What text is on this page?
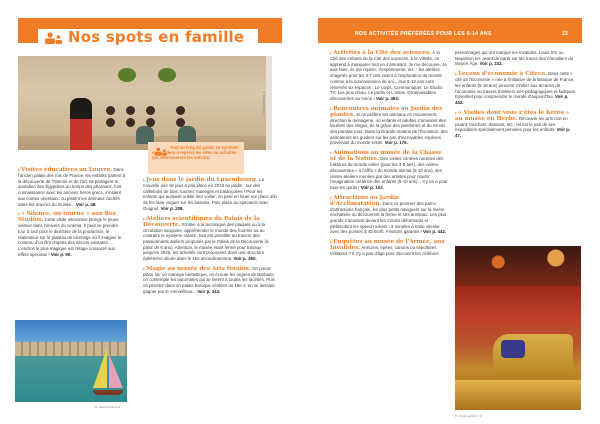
Nos spots en famille
J. Benoit/Paris P.
Tout au long du guide, ce symbole vous aidera à repérer les sites ou activités qui intéresseront les enfants.
▸ Visites éducatives au Louvre. Dans l'ancien palais des rois de France, les enfants partent à la découverte de l'histoire et de l'art. Ils partagent le quotidien des Égyptiens au temps des pharaons, font connaissance avec les anciens héros grecs, s'initient aux contes orientaux, ou pistent les animaux cachés dans les œuvres du musée... Voir p. 48.
▸ « Silence, on tourne » aux Rex Studios. Cette visite interactive plonge le jeune visiteur dans l'univers du cinéma. Il peut se prendre tour à tour pour le directeur de la production, le réalisateur sur le plateau de tournage où il imagine le contenu d'un film d'après des décors existants. L'endroit le plus magique est l'étage consacré aux effets spéciaux ! Voir p. 90.
B. Gantie/Paris P.
▸ Jeux dans le jardin du Luxembourg. La nouvelle aire de jeux a pris place en 2019 au jardin : sur des caillebotis de bois, tournez manèges et balançoires ! Pour les enfants qui auraient oublié leur voilier, on peut en louer sur place afin de les faire voguer sur les bassins. Puis place au spectacle avec Guignol. Voir p. 208.
▸ Ateliers scientifiques du Palais de la Découverte. S'initier à la tectonique des plaques ou à la circulation sanguine, appréhender le monde des fourmis ou au contraire le système solaire, tout est possible au travers des passionnants ateliers proposés par le Palais de la Découverte (à partir de 6 ans). Attention, le musée étant fermé pour travaux jusqu'en 2025, les activités sont proposées dans une structure éphémère située dans le 15e arrondissement. Voir p. 260.
▸ Magie au musée des Arts forains. On prend place sur un manège fantastique, on écoute les orgues de Barbarie, on contemple les automates qui se livrent à toutes les facéties. Puis on pénètre dans un palais baroque vénitien du 18e s. en se laissant gagner par le merveilleux... Voir p. 344.
NOS ACTIVITÉS PRÉFÉRÉES POUR LES 6-14 ANS	23
▸ Activités à la Cité des sciences. À la Cité des enfants de la Cité des sciences, à la Villette, on apprend à manipuler tout en s'amusant. Je me découvre, Je sais faire, Je me repère, J'expérimente, etc. : les ateliers imaginés pour les 2-7 ans visent à l'exploration du monde comme à la connaissance de soi... Aux 5-12 ans sont réservés six espaces : Le corps, Communiquer, Le Studio TV, Les jeux d'eau, Le jardin et L'usine. D'inépuisables découvertes au menu ! Voir p. 493.
▸ Rencontres animales au Jardin des plantes. Si on préfère les animaux en mouvement, direction la ménagerie, où enfants et adultes s'amusent des facéties des singes, de la grâce des panthères et du minois des pandas roux. Dans la Grande Galerie de l'Évolution, des animateurs les guident sur les pas d'incroyables espèces provenant du monde entier. Voir p. 176.
▸ Animations au musée de la Chasse et de la Nature. Des visites contées nourries des folklores du monde entier (pour les 3-8 ans), des visites-découvertes « à l'affût » du monde animal (5-10 ans), des visites-ateliers menées par des artistes pour nourrir l'imagination créatrice des enfants (5-10 ans)... Il y en a pour tous les goûts ! Voir p. 102.
▸ Attractions au Jardin d'Acclimatation. Dans ce pionnier des parcs d'attractions français, les plus petits naviguent sur la rivière enchantée ou découvrent la ferme et ses animaux. Les plus grands s'amusent devant les miroirs déformants et plébiscitent les speed rockets : 3 minutes à toute vitesse avec des pointes à 45 km/h. Frissons garantis ! Voir p. 442.
▸ Enquêtes au musée de l'Armée, aux Invalides. Armures, épées, canons ou sépultures militaires ? Il n'y a pas d'âge pour découvrir les célèbres
personnages qui ont marqué les Invalides, Louis XIV ou Napoléon Ier, avant de partir sur les traces des chevaliers du Moyen Âge. Voir p. 232.
▸ Leçons d'économie à Citeco. Dans cette « cité de l'Économie » née à l'initiative de la Banque de France, les enfants (6-16 ans) peuvent s'initier aux arcanes de l'économie au travers d'ateliers très pédagogiques et ludiques. Essentiel pour comprendre le monde d'aujourd'hui. Voir p. 452.
▸ « Visites dont vous z'êtes le héros » au musée en Herbe. Découvrir les arts tout en jouant, touchant, dansant, etc., tel est le pari de ses expositions spécialement pensées pour les enfants. Voir p. 47.
H. Hughes/Paris P.
